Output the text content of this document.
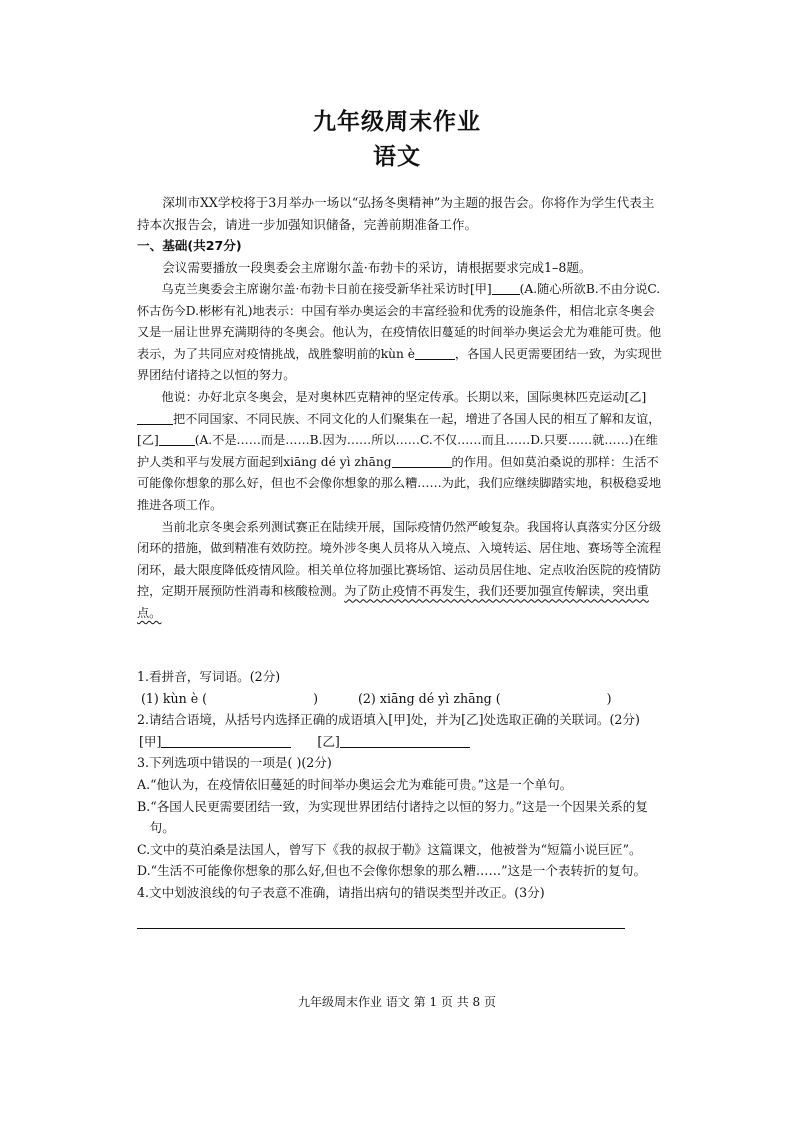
九年级周末作业
语文

深圳市XX学校将于3月举办一场以“弘扬冬奥精神”为主题的报告会。你将作为学生代表主持本次报告会，请进一步加强知识储备，完善前期准备工作。

一、基础(共27分)

会议需要播放一段奥委会主席谢尔盖·布勃卡的采访，请根据要求完成1–8题。

乌克兰奥委会主席谢尔盖·布勃卡日前在接受新华社采访时[甲] (A.随心所欲B.不由分说C.怀古伤今D.彬彬有礼)地表示：中国有举办奥运会的丰富经验和优秀的设施条件，相信北京冬奥会又是一届让世界充满期待的冬奥会。他认为，在疫情依旧蔓延的时间举办奥运会尤为难能可贵。他表示，为了共同应对疫情挑战，战胜黎明前的kùn è	，各国人民更需要团结一致，为实现世界团结付诸持之以恒的努力。

他说：办好北京冬奥会，是对奥林匹克精神的坚定传承。长期以来，国际奥林匹克运动[乙]把不同国家、不同民族、不同文化的人们聚集在一起，增进了各国人民的相互了解和友谊，[乙]	(A.不是……而是……B.因为……所以……C.不仅……而且……D.只要……就……)在维护人类和平与发展方面起到xiāng dé yì zhāng	的作用。但如莫泊桑说的那样：生活不可能像你想象的那么好，但也不会像你想象的那么糟……为此，我们应继续脚踏实地，积极稳妥地推进各项工作。

当前北京冬奥会系列测试赛正在陆续开展，国际疫情仍然严峻复杂。我国将认真落实分区分级闭环的措施，做到精准有效防控。境外涉冬奥人员将从入境点、入境转运、居住地、赛场等全流程闭环，最大限度降低疫情风险。相关单位将加强比赛场馆、运动员居住地、定点收治医院的疫情防控，定期开展预防性消毒和核酸检测。为了防止疫情不再发生，我们还要加强宣传解读，突出重点。

1.看拼音，写词语。(2分)

(1) kùn è (	)	(2) xiāng dé yì zhāng (	)

2.请结合语境，从括号内选择正确的成语填入[甲]处，并为[乙]处选取正确的关联词。(2分)

[甲]	[乙]

3.下列选项中错误的一项是( )(2分)

A.“他认为，在疫情依旧蔓延的时间举办奥运会尤为难能可贵。”这是一个单句。

B.“各国人民更需要团结一致，为实现世界团结付诸持之以恒的努力。”这是一个因果关系的复句。

C.文中的莫泊桑是法国人，曾写下《我的叔叔于勒》这篇课文，他被誉为“短篇小说巨匠”。

D.“生活不可能像你想象的那么好,但也不会像你想象的那么糟……”这是一个表转折的复句。

4.文中划波浪线的句子表意不准确，请指出病句的错误类型并改正。(3分)

九年级周末作业 语文 第 1 页 共 8 页
